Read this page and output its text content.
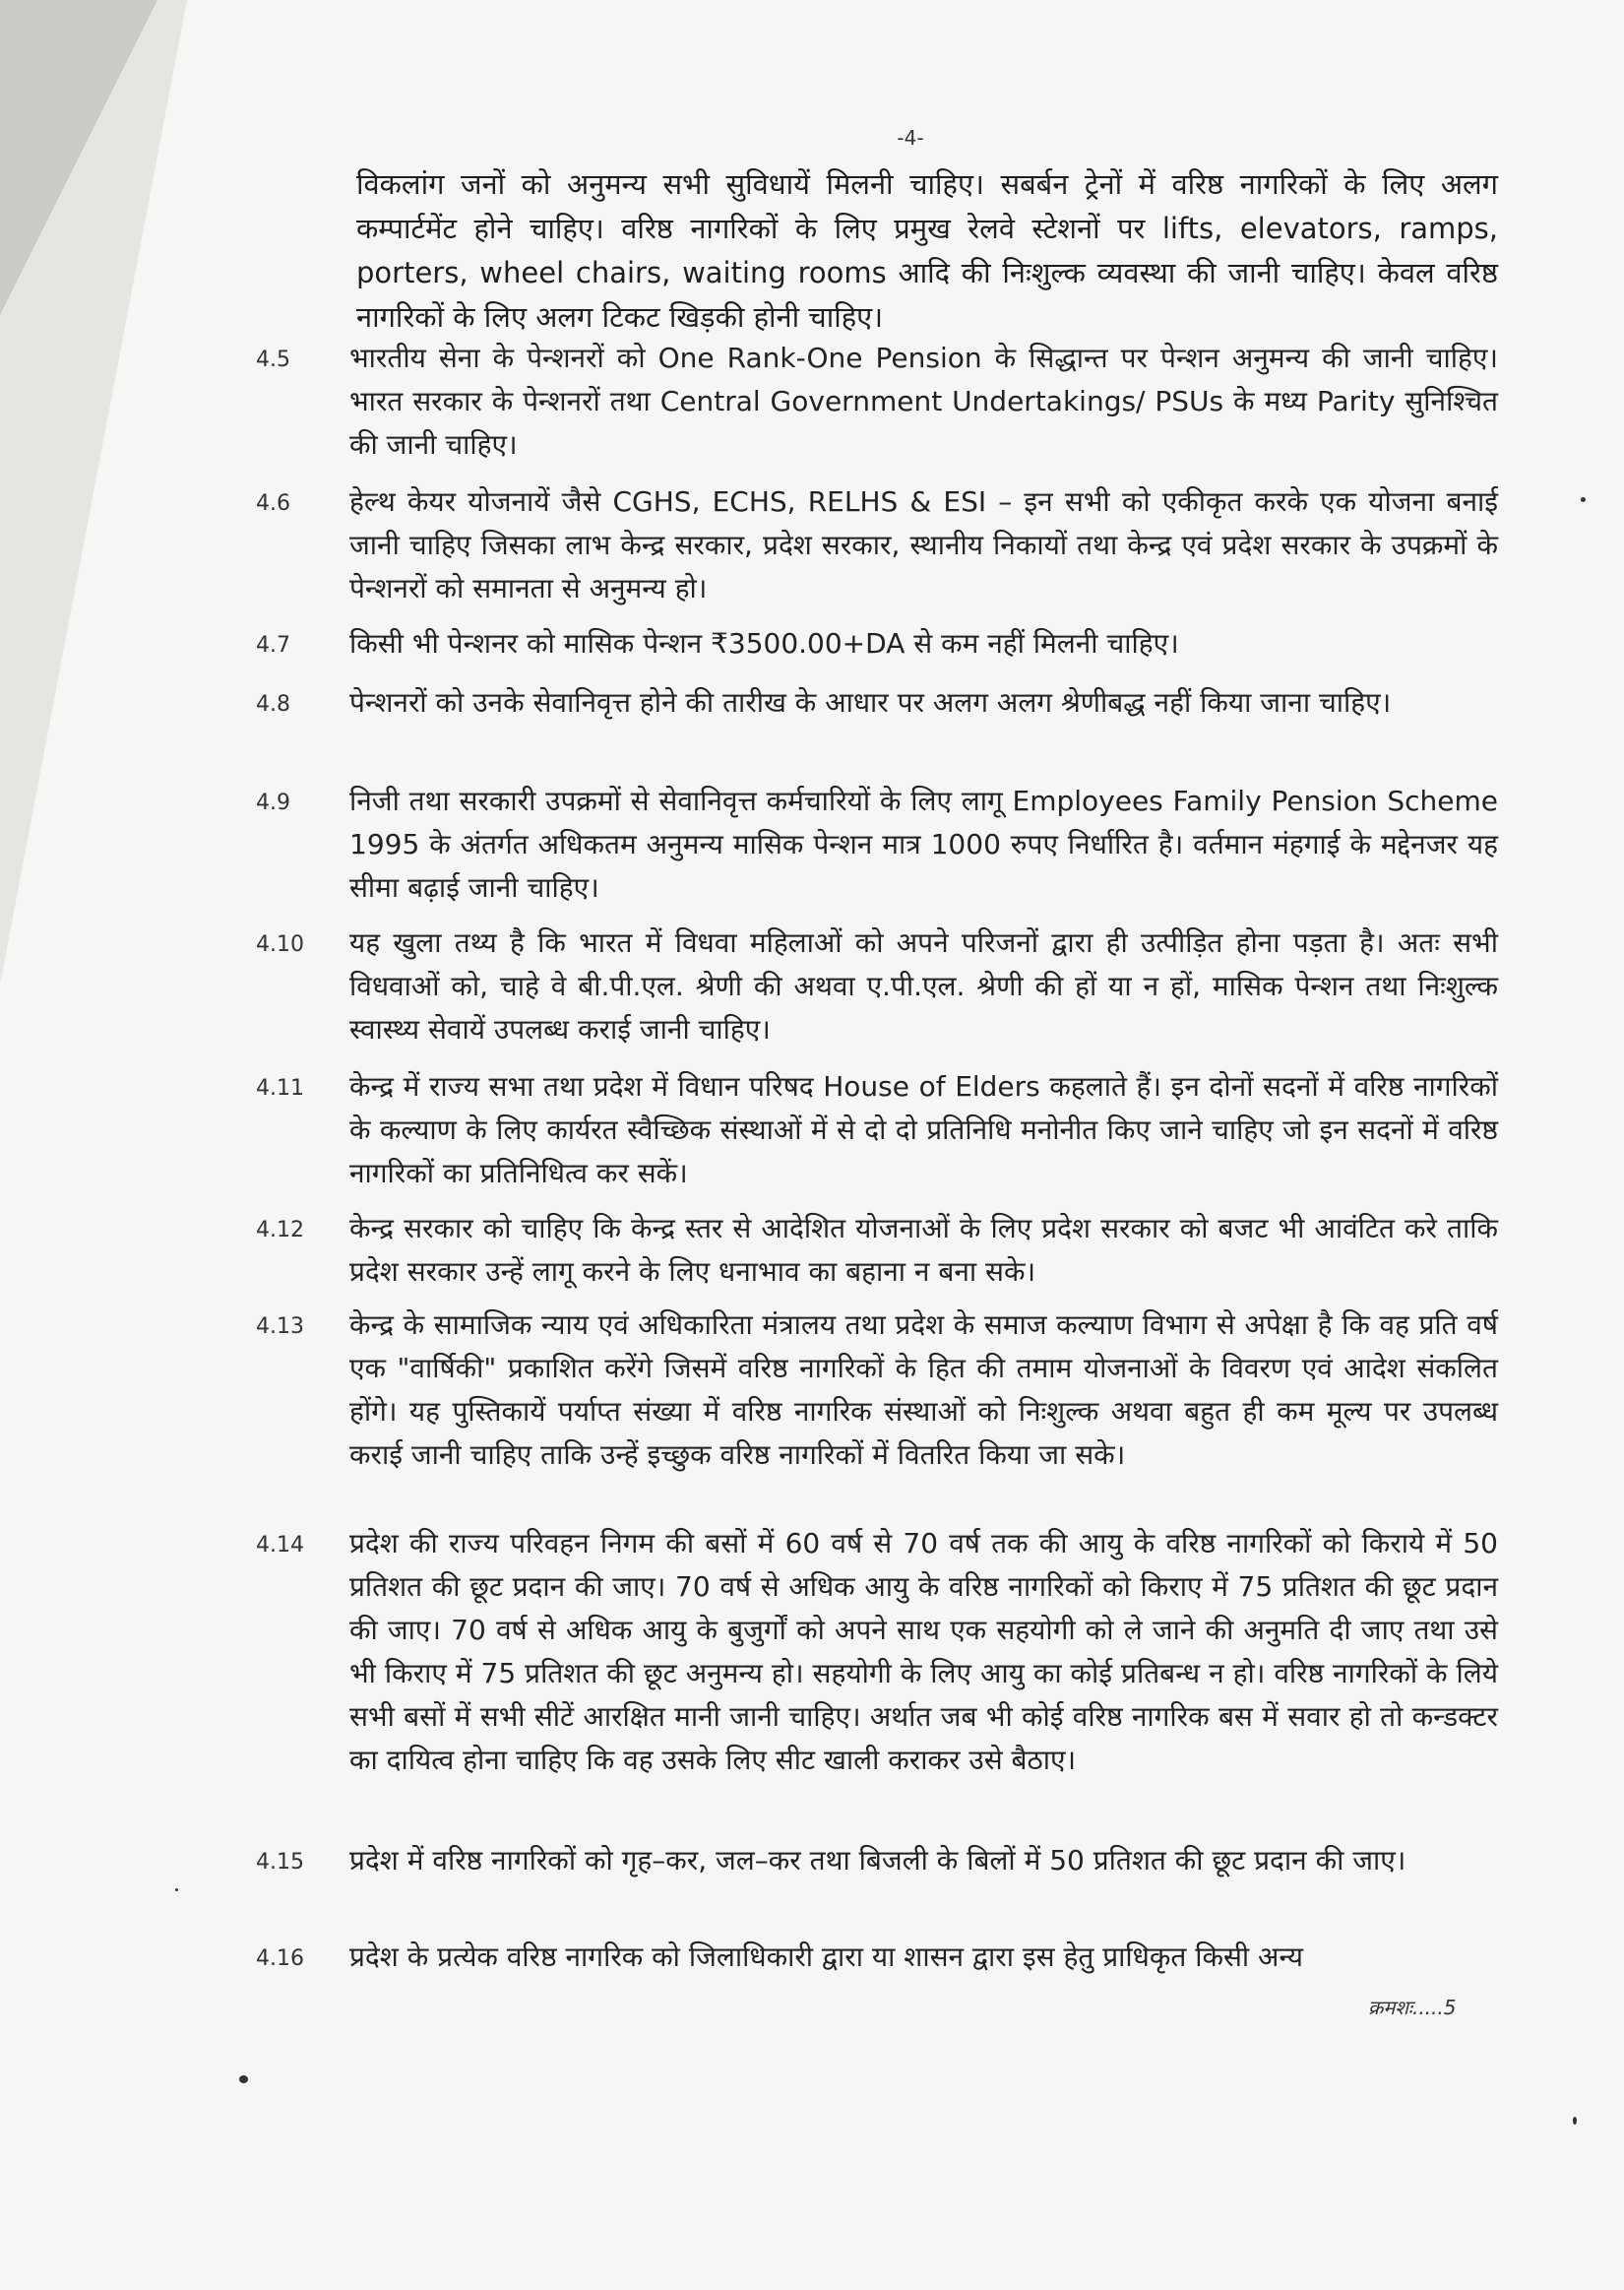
-4-
विकलांग जनों को अनुमन्य सभी सुविधायें मिलनी चाहिए। सबर्बन ट्रेनों में वरिष्ठ नागरिकों के लिए अलग कम्पार्टमेंट होने चाहिए। वरिष्ठ नागरिकों के लिए प्रमुख रेलवे स्टेशनों पर lifts, elevators, ramps, porters, wheel chairs, waiting rooms आदि की निःशुल्क व्यवस्था की जानी चाहिए। केवल वरिष्ठ नागरिकों के लिए अलग टिकट खिड़की होनी चाहिए।
4.5	भारतीय सेना के पेन्शनरों को One Rank-One Pension के सिद्धान्त पर पेन्शन अनुमन्य की जानी चाहिए। भारत सरकार के पेन्शनरों तथा Central Government Undertakings/ PSUs के मध्य Parity सुनिश्चित की जानी चाहिए।
4.6	हेल्थ केयर योजनायें जैसे CGHS, ECHS, RELHS & ESI – इन सभी को एकीकृत करके एक योजना बनाई जानी चाहिए जिसका लाभ केन्द्र सरकार, प्रदेश सरकार, स्थानीय निकायों तथा केन्द्र एवं प्रदेश सरकार के उपक्रमों के पेन्शनरों को समानता से अनुमन्य हो।
4.7	किसी भी पेन्शनर को मासिक पेन्शन ₹3500.00+DA से कम नहीं मिलनी चाहिए।
4.8	पेन्शनरों को उनके सेवानिवृत्त होने की तारीख के आधार पर अलग अलग श्रेणीबद्ध नहीं किया जाना चाहिए।
4.9	निजी तथा सरकारी उपक्रमों से सेवानिवृत्त कर्मचारियों के लिए लागू Employees Family Pension Scheme 1995 के अंतर्गत अधिकतम अनुमन्य मासिक पेन्शन मात्र 1000 रुपए निर्धारित है। वर्तमान मंहगाई के मद्देनजर यह सीमा बढ़ाई जानी चाहिए।
4.10	यह खुला तथ्य है कि भारत में विधवा महिलाओं को अपने परिजनों द्वारा ही उत्पीड़ित होना पड़ता है। अतः सभी विधवाओं को, चाहे वे बी.पी.एल. श्रेणी की अथवा ए.पी.एल. श्रेणी की हों या न हों, मासिक पेन्शन तथा निःशुल्क स्वास्थ्य सेवायें उपलब्ध कराई जानी चाहिए।
4.11	केन्द्र में राज्य सभा तथा प्रदेश में विधान परिषद House of Elders कहलाते हैं। इन दोनों सदनों में वरिष्ठ नागरिकों के कल्याण के लिए कार्यरत स्वैच्छिक संस्थाओं में से दो दो प्रतिनिधि मनोनीत किए जाने चाहिए जो इन सदनों में वरिष्ठ नागरिकों का प्रतिनिधित्व कर सकें।
4.12	केन्द्र सरकार को चाहिए कि केन्द्र स्तर से आदेशित योजनाओं के लिए प्रदेश सरकार को बजट भी आवंटित करे ताकि प्रदेश सरकार उन्हें लागू करने के लिए धनाभाव का बहाना न बना सके।
4.13	केन्द्र के सामाजिक न्याय एवं अधिकारिता मंत्रालय तथा प्रदेश के समाज कल्याण विभाग से अपेक्षा है कि वह प्रति वर्ष एक "वार्षिकी" प्रकाशित करेंगे जिसमें वरिष्ठ नागरिकों के हित की तमाम योजनाओं के विवरण एवं आदेश संकलित होंगे। यह पुस्तिकायें पर्याप्त संख्या में वरिष्ठ नागरिक संस्थाओं को निःशुल्क अथवा बहुत ही कम मूल्य पर उपलब्ध कराई जानी चाहिए ताकि उन्हें इच्छुक वरिष्ठ नागरिकों में वितरित किया जा सके।
4.14	प्रदेश की राज्य परिवहन निगम की बसों में 60 वर्ष से 70 वर्ष तक की आयु के वरिष्ठ नागरिकों को किराये में 50 प्रतिशत की छूट प्रदान की जाए। 70 वर्ष से अधिक आयु के वरिष्ठ नागरिकों को किराए में 75 प्रतिशत की छूट प्रदान की जाए। 70 वर्ष से अधिक आयु के बुजुर्गों को अपने साथ एक सहयोगी को ले जाने की अनुमति दी जाए तथा उसे भी किराए में 75 प्रतिशत की छूट अनुमन्य हो। सहयोगी के लिए आयु का कोई प्रतिबन्ध न हो। वरिष्ठ नागरिकों के लिये सभी बसों में सभी सीटें आरक्षित मानी जानी चाहिए। अर्थात जब भी कोई वरिष्ठ नागरिक बस में सवार हो तो कन्डक्टर का दायित्व होना चाहिए कि वह उसके लिए सीट खाली कराकर उसे बैठाए।
4.15	प्रदेश में वरिष्ठ नागरिकों को गृह–कर, जल–कर तथा बिजली के बिलों में 50 प्रतिशत की छूट प्रदान की जाए।
4.16	प्रदेश के प्रत्येक वरिष्ठ नागरिक को जिलाधिकारी द्वारा या शासन द्वारा इस हेतु प्राधिकृत किसी अन्य
क्रमशः.....5
